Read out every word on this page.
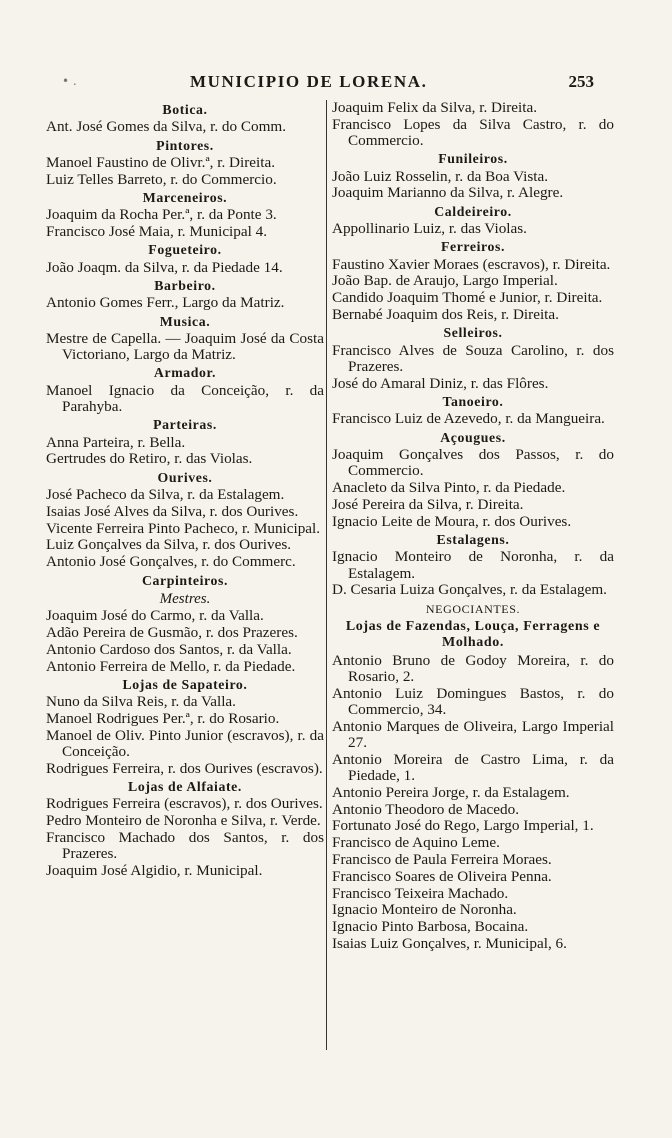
• .	MUNICIPIO DE LORENA.	253
Botica.
Ant. José Gomes da Silva, r. do Comm.
Pintores.
Manoel Faustino de Olivr.ª, r. Direita.
Luiz Telles Barreto, r. do Commercio.
Marceneiros.
Joaquim da Rocha Per.ª, r. da Ponte 3.
Francisco José Maia, r. Municipal 4.
Fogueteiro.
João Joaqm. da Silva, r. da Piedade 14.
Barbeiro.
Antonio Gomes Ferr., Largo da Matriz.
Musica.
Mestre de Capella. — Joaquim José da Costa Victoriano, Largo da Matriz.
Armador.
Manoel Ignacio da Conceição, r. da Parahyba.
Parteiras.
Anna Parteira, r. Bella.
Gertrudes do Retiro, r. das Violas.
Ourives.
José Pacheco da Silva, r. da Estalagem.
Isaias José Alves da Silva, r. dos Ourives.
Vicente Ferreira Pinto Pacheco, r. Municipal.
Luiz Gonçalves da Silva, r. dos Ourives.
Antonio José Gonçalves, r. do Commerc.
Carpinteiros.
Mestres.
Joaquim José do Carmo, r. da Valla.
Adão Pereira de Gusmão, r. dos Prazeres.
Antonio Cardoso dos Santos, r. da Valla.
Antonio Ferreira de Mello, r. da Piedade.
Lojas de Sapateiro.
Nuno da Silva Reis, r. da Valla.
Manoel Rodrigues Per.ª, r. do Rosario.
Manoel de Oliv. Pinto Junior (escravos), r. da Conceição.
Rodrigues Ferreira, r. dos Ourives (escravos).
Lojas de Alfaiate.
Rodrigues Ferreira (escravos), r. dos Ourives.
Pedro Monteiro de Noronha e Silva, r. Verde.
Francisco Machado dos Santos, r. dos Prazeres.
Joaquim José Algidio, r. Municipal.
Joaquim Felix da Silva, r. Direita.
Francisco Lopes da Silva Castro, r. do Commercio.
Funileiros.
João Luiz Rosselin, r. da Boa Vista.
Joaquim Marianno da Silva, r. Alegre.
Caldeireiro.
Appollinario Luiz, r. das Violas.
Ferreiros.
Faustino Xavier Moraes (escravos), r. Direita.
João Bap. de Araujo, Largo Imperial.
Candido Joaquim Thomé e Junior, r. Direita.
Bernabé Joaquim dos Reis, r. Direita.
Selleiros.
Francisco Alves de Souza Carolino, r. dos Prazeres.
José do Amaral Diniz, r. das Flôres.
Tanoeiro.
Francisco Luiz de Azevedo, r. da Mangueira.
Açougues.
Joaquim Gonçalves dos Passos, r. do Commercio.
Anacleto da Silva Pinto, r. da Piedade.
José Pereira da Silva, r. Direita.
Ignacio Leite de Moura, r. dos Ourives.
Estalagens.
Ignacio Monteiro de Noronha, r. da Estalagem.
D. Cesaria Luiza Gonçalves, r. da Estalagem.
NEGOCIANTES.
Lojas de Fazendas, Louça, Ferragens e Molhado.
Antonio Bruno de Godoy Moreira, r. do Rosario, 2.
Antonio Luiz Domingues Bastos, r. do Commercio, 34.
Antonio Marques de Oliveira, Largo Imperial 27.
Antonio Moreira de Castro Lima, r. da Piedade, 1.
Antonio Pereira Jorge, r. da Estalagem.
Antonio Theodoro de Macedo.
Fortunato José do Rego, Largo Imperial, 1.
Francisco de Aquino Leme.
Francisco de Paula Ferreira Moraes.
Francisco Soares de Oliveira Penna.
Francisco Teixeira Machado.
Ignacio Monteiro de Noronha.
Ignacio Pinto Barbosa, Bocaina.
Isaias Luiz Gonçalves, r. Municipal, 6.
